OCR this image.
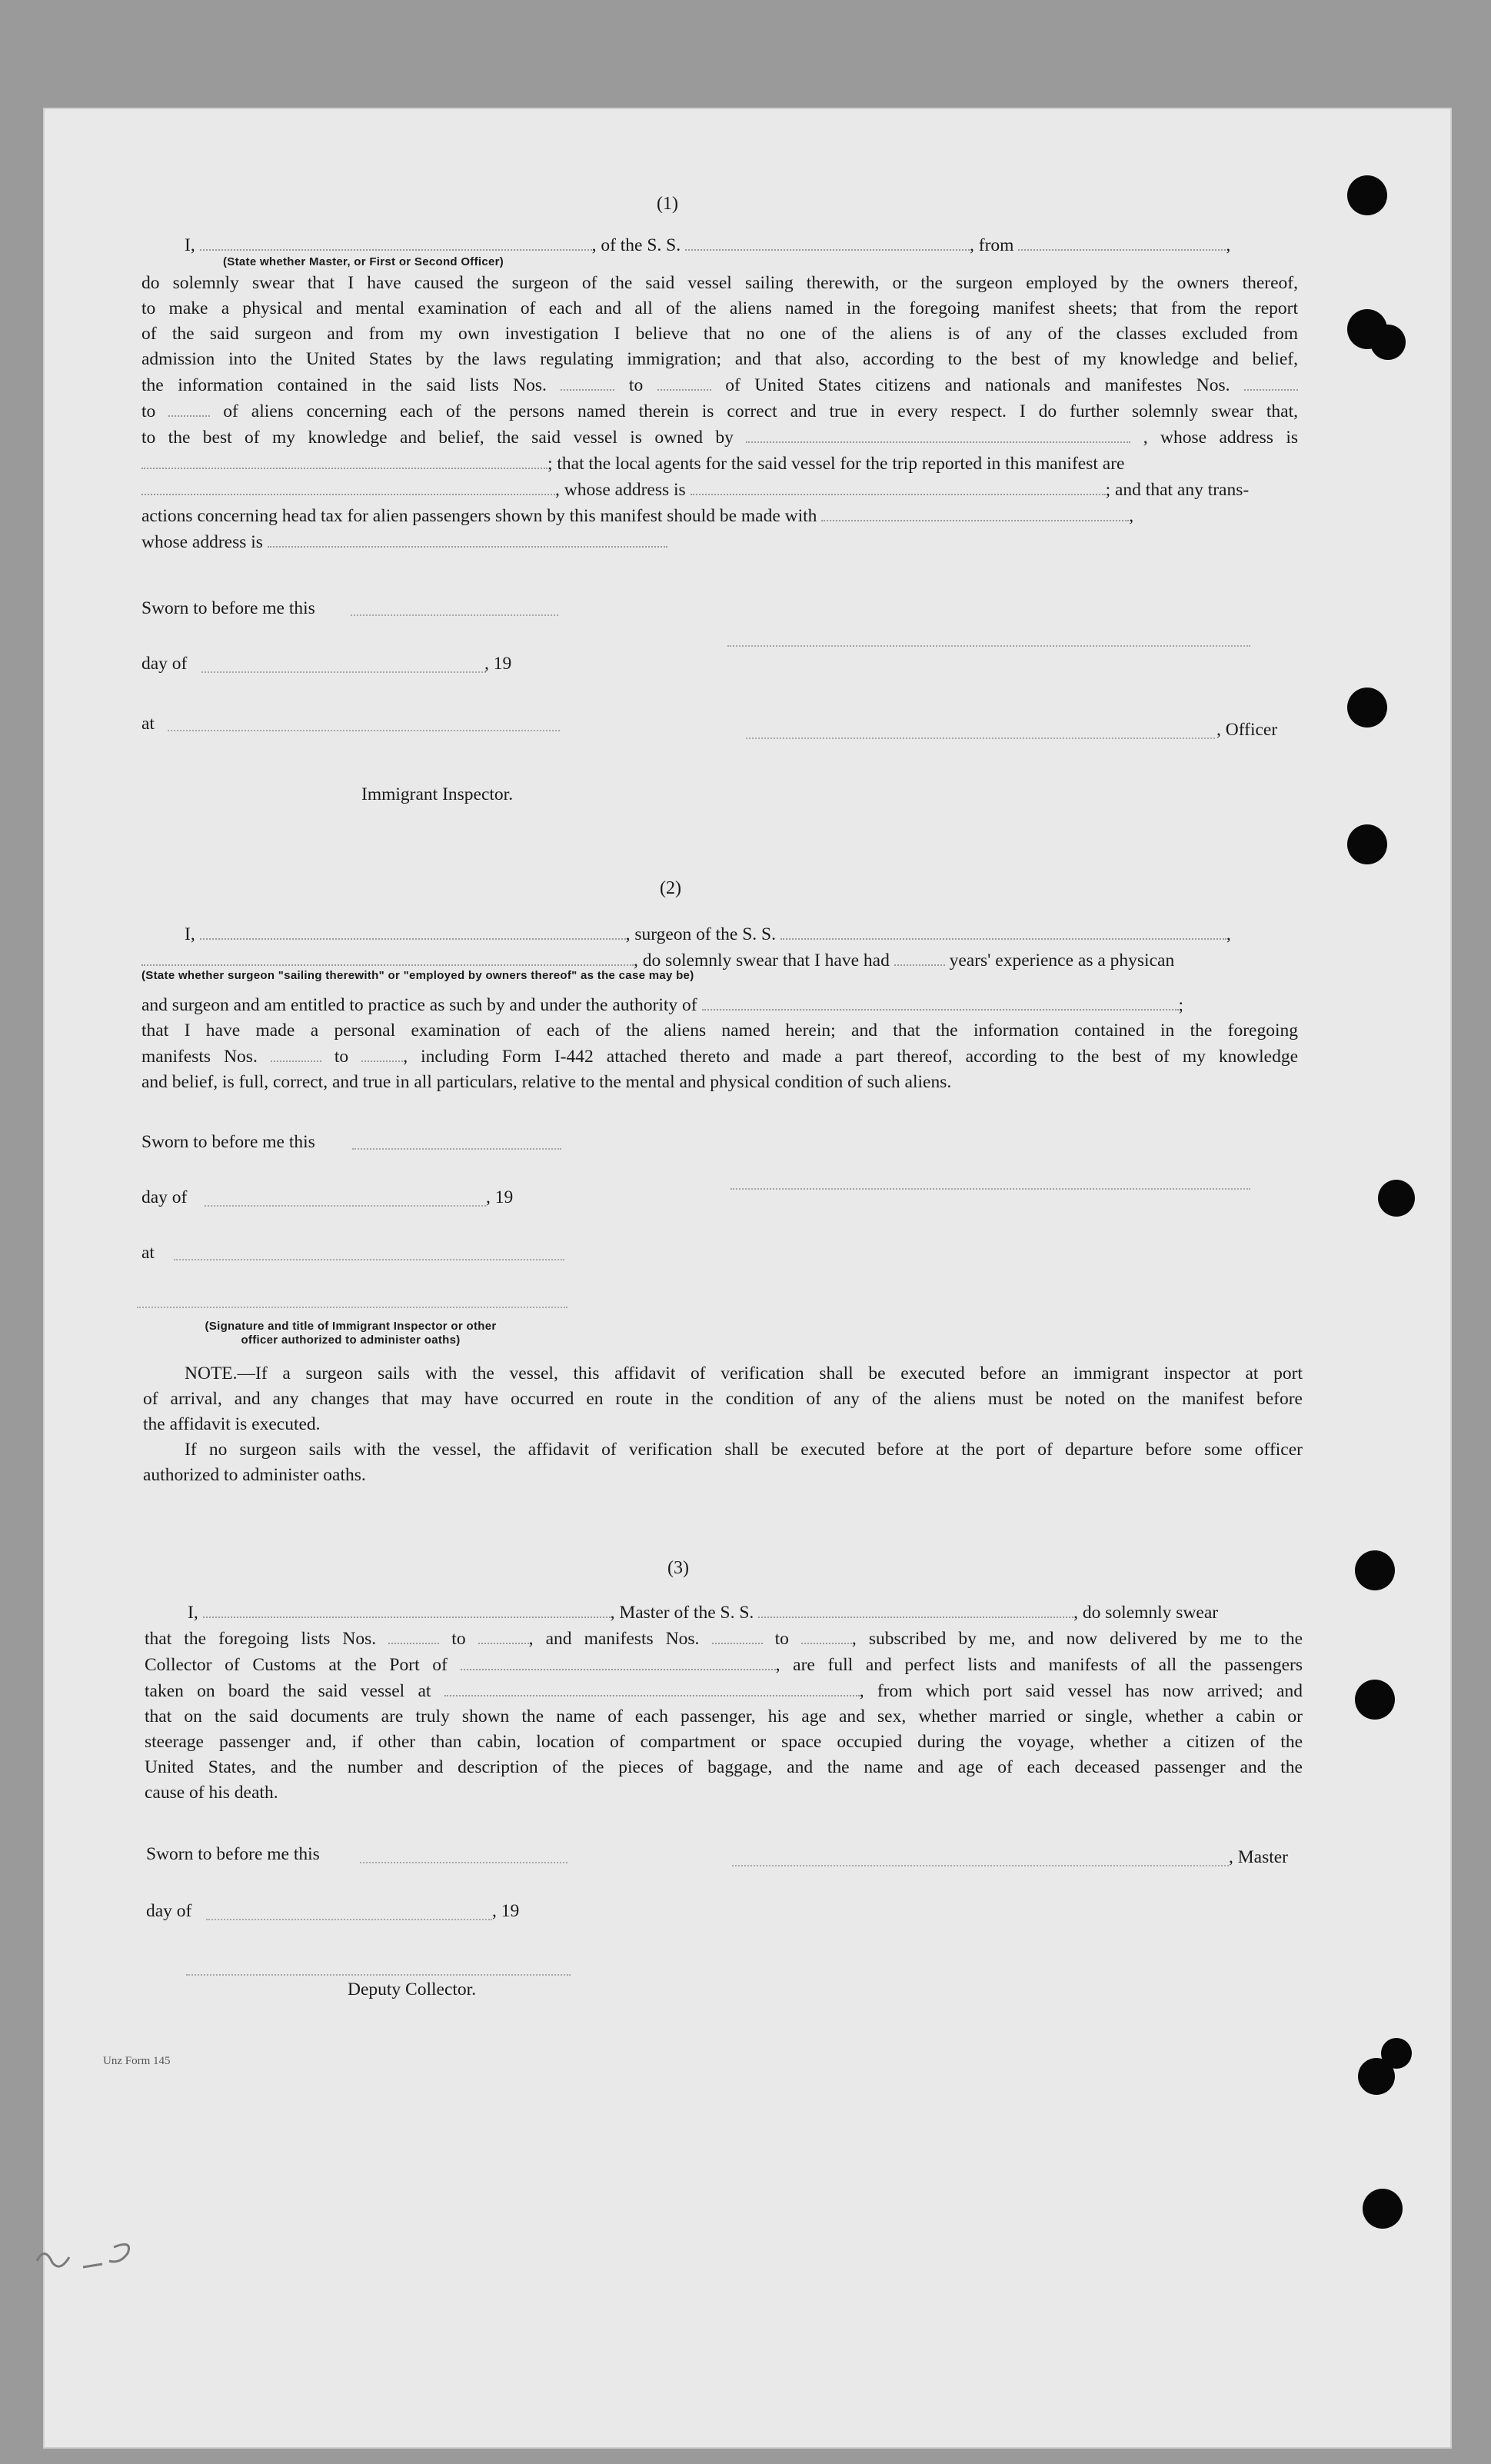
(1)
I,	, of the S. S.	, from	,
(State whether Master, or First or Second Officer)
do solemnly swear that I have caused the surgeon of the said vessel sailing therewith, or the surgeon employed by the owners thereof,
to make a physical and mental examination of each and all of the aliens named in the foregoing manifest sheets; that from the report
of the said surgeon and from my own investigation I believe that no one of the aliens is of any of the classes excluded from
admission into the United States by the laws regulating immigration; and that also, according to the best of my knowledge and belief,
the information contained in the said lists Nos.	to	of United States citizens and nationals and manifestes Nos.
to	of aliens concerning each of the persons named therein is correct and true in every respect. I do further solemnly swear that,
to the best of my knowledge and belief, the said vessel is owned by	, whose address is
; that the local agents for the said vessel for the trip reported in this manifest are
, whose address is	; and that any trans-
actions concerning head tax for alien passengers shown by this manifest should be made with	,
whose address is
Sworn to before me this
day of	, 19
at	, Officer
Immigrant Inspector.
(2)
I,	, surgeon of the S. S.	,
, do solemnly swear that I have had	years' experience as a physican
(State whether surgeon "sailing therewith" or "employed by owners thereof" as the case may be)
and surgeon and am entitled to practice as such by and under the authority of	;
that I have made a personal examination of each of the aliens named herein; and that the information contained in the foregoing
manifests Nos.	to	, including Form I-442 attached thereto and made a part thereof, according to the best of my knowledge
and belief, is full, correct, and true in all particulars, relative to the mental and physical condition of such aliens.
Sworn to before me this
day of	, 19
at
(Signature and title of Immigrant Inspector or other
officer authorized to administer oaths)
NOTE.—If a surgeon sails with the vessel, this affidavit of verification shall be executed before an immigrant inspector at port
of arrival, and any changes that may have occurred en route in the condition of any of the aliens must be noted on the manifest before
the affidavit is executed.
If no surgeon sails with the vessel, the affidavit of verification shall be executed before at the port of departure before some officer
authorized to administer oaths.
(3)
I,	, Master of the S. S.	, do solemnly swear
that the foregoing lists Nos.	to	, and manifests Nos.	to	, subscribed by me, and now delivered by me to the
Collector of Customs at the Port of	, are full and perfect lists and manifests of all the passengers
taken on board the said vessel at	, from which port said vessel has now arrived; and
that on the said documents are truly shown the name of each passenger, his age and sex, whether married or single, whether a cabin or
steerage passenger and, if other than cabin, location of compartment or space occupied during the voyage, whether a citizen of the
United States, and the number and description of the pieces of baggage, and the name and age of each deceased passenger and the
cause of his death.
Sworn to before me this	, Master
day of	, 19
Deputy Collector.
Unz Form 145
